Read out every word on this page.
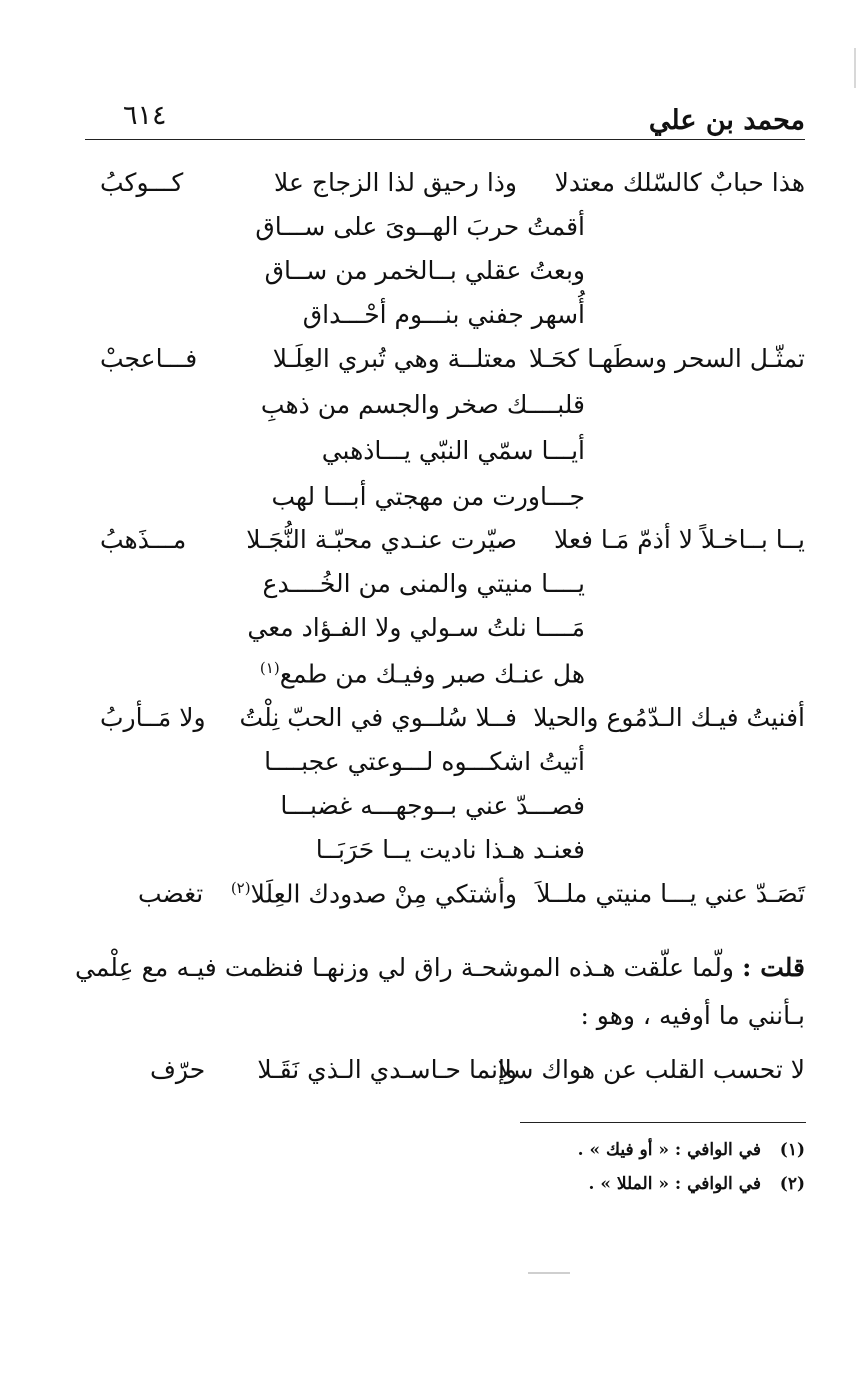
محمد بن علي
٦١٤
هذا حبابٌ كالسّلك معتدلا
وذا رحيق لذا الزجاج علا
كـــوكبُ
أقمتُ حربَ الهــوىَ على ســـاق
وبعتُ عقلي بــالخمر من ســاق
أُسهر جفني بنـــوم أحْـــداق
تمثّـل السحر وسطَهـا كحَـلا
معتلــة وهي تُبري العِلَـلا
فـــاعجبْ
قلبــــك صخر والجسم من ذهبِ
أيـــا سمّي النبّي يـــاذهبي
جـــاورت من مهجتي أبـــا لهب
يــا بــاخـلاً لا أذمّ مَـا فعلا
صيّرت عنـدي محبّـة النُّجَـلا
مـــذَهبُ
يــــا منيتي والمنى من الخُــــدع
مَــــا نلتُ سـولي ولا الفـؤاد معي
هل عنـك صبر وفيـك من طمع$^{(١)}$
أفنيتُ فيـك الـدّمُوع والحيلا
فــلا سُلــوي في الحبّ نِلْتُ
ولا مَــأربُ
أتيتُ اشكـــوه لـــوعتي عجبــــا
فصـــدّ عني بــوجهـــه غضبـــا
فعنـد هـذا ناديت يــا حَرَبَــا
تَصَـدّ عني يـــا منيتي ملــلاَ
وأشتكي مِنْ صدودك العِلَلا$^{(٢)}$
تغضب
قلت : ولّما علّقت هـذه الموشحـة راق لي وزنهـا فنظمت فيـه مع عِلْمي بـأنني ما أوفيه ، وهو :
لا تحسب القلب عن هواك سلا
وإنما حـاسـدي الـذي نَقَـلا
حرّف
(١)في الوافي : « أو فيك » .
(٢)في الوافي : « المللا » .
